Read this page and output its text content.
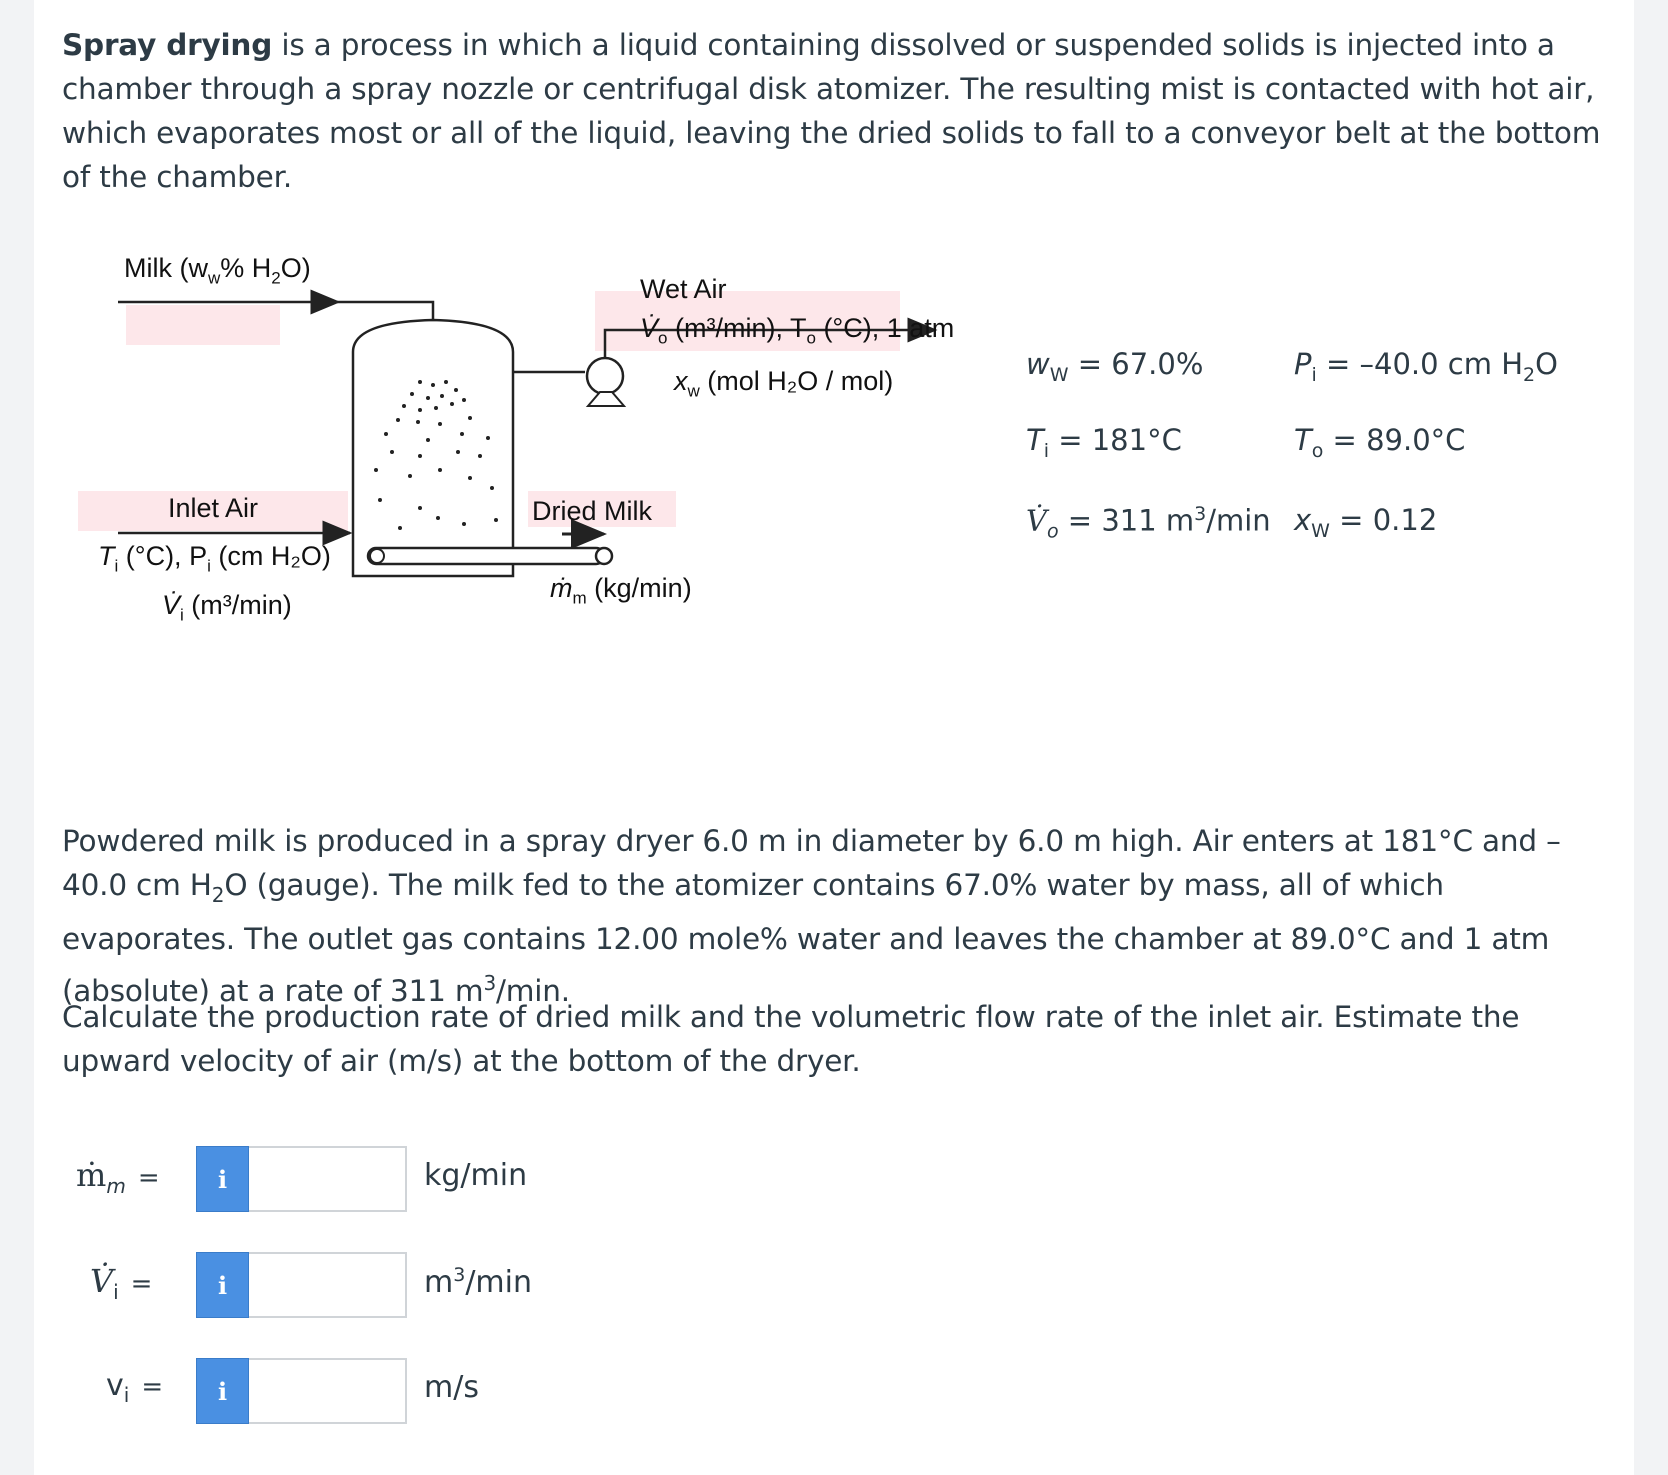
Spray drying is a process in which a liquid containing dissolved or suspended solids is injected into a chamber through a spray nozzle or centrifugal disk atomizer. The resulting mist is contacted with hot air, which evaporates most or all of the liquid, leaving the dried solids to fall to a conveyor belt at the bottom of the chamber.
Milk ($w_w\%$ $H_2O$)
Wet Air
$V̇_o$ (m³/min), $T_o$ (°C), 1 atm
$x_w$ (mol H₂O / mol)
Inlet Air
$T_i$ (°C), $P_i$ (cm H₂O)
$V̇_i$ (m³/min)
Dried Milk
ṁ$_m$ (kg/min)
$w_W = 67.0\%$	$P_i = -40.0$ cm $H_2O$
$T_i = 181^\circ C$	$T_o = 89.0^\circ C$
$V̇_o = 311$ $m^3/\min$ $x_W = 0.12$
Powdered milk is produced in a spray dryer 6.0 m in diameter by 6.0 m high. Air enters at 181°C and –40.0 cm $H_2O$ (gauge). The milk fed to the atomizer contains 67.0% water by mass, all of which evaporates. The outlet gas contains 12.00 mole% water and leaves the chamber at 89.0°C and 1 atm (absolute) at a rate of 311 $m^3/\min$.
Calculate the production rate of dried milk and the volumetric flow rate of the inlet air. Estimate the upward velocity of air (m/s) at the bottom of the dryer.
ṁ$_m$ =	i	kg/min
$V̇_i$ =	i	$m^3/\min$
$v_i$ =	i	m/s
